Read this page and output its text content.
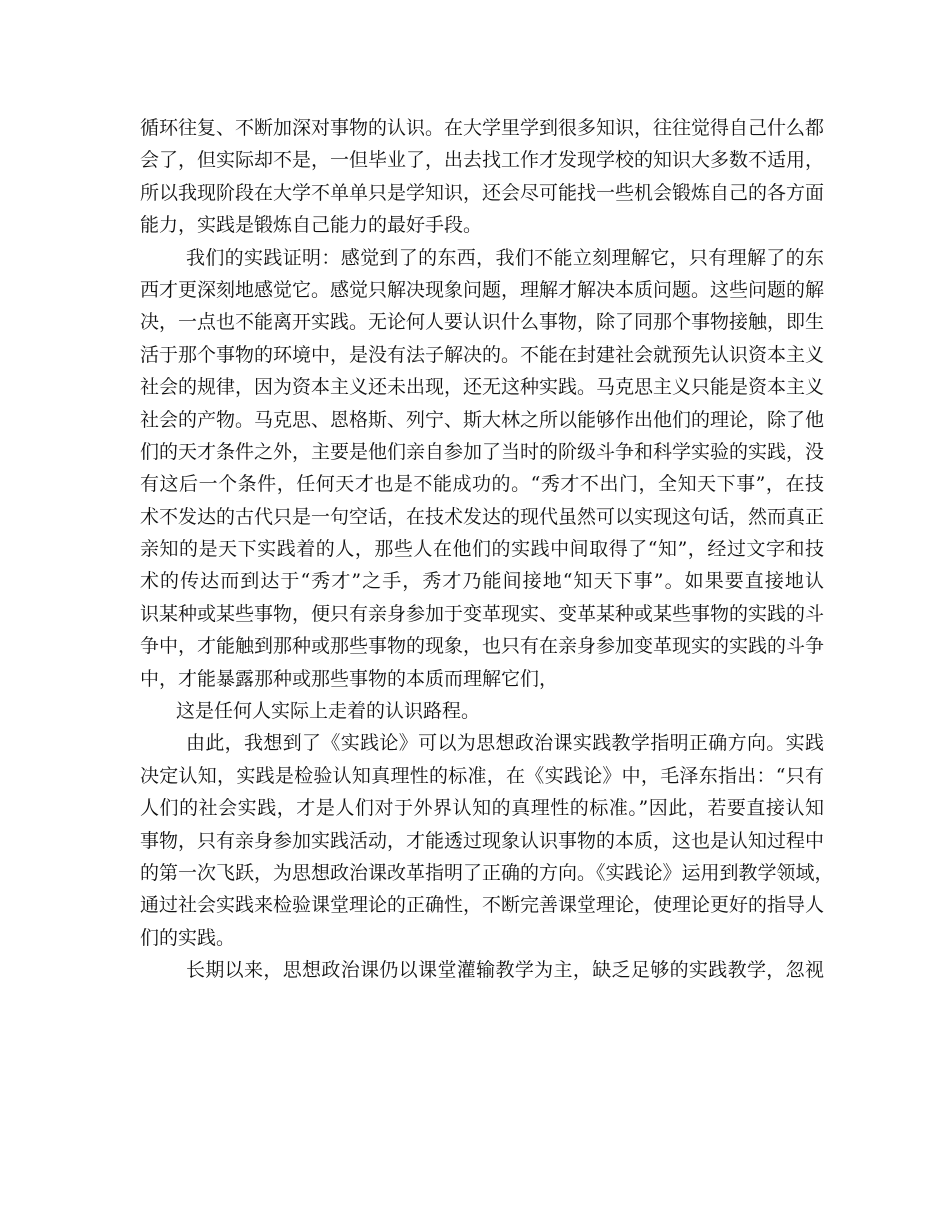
循环往复、不断加深对事物的认识。在大学里学到很多知识，往往觉得自己什么都
会了，但实际却不是，一但毕业了，出去找工作才发现学校的知识大多数不适用，
所以我现阶段在大学不单单只是学知识，还会尽可能找一些机会锻炼自己的各方面
能力，实践是锻炼自己能力的最好手段。
我们的实践证明：感觉到了的东西，我们不能立刻理解它，只有理解了的东
西才更深刻地感觉它。感觉只解决现象问题，理解才解决本质问题。这些问题的解
决，一点也不能离开实践。无论何人要认识什么事物，除了同那个事物接触，即生
活于那个事物的环境中，是没有法子解决的。不能在封建社会就预先认识资本主义
社会的规律，因为资本主义还未出现，还无这种实践。马克思主义只能是资本主义
社会的产物。马克思、恩格斯、列宁、斯大林之所以能够作出他们的理论，除了他
们的天才条件之外，主要是他们亲自参加了当时的阶级斗争和科学实验的实践，没
有这后一个条件，任何天才也是不能成功的。“秀才不出门，全知天下事”，在技
术不发达的古代只是一句空话，在技术发达的现代虽然可以实现这句话，然而真正
亲知的是天下实践着的人，那些人在他们的实践中间取得了“知”，经过文字和技
术的传达而到达于“秀才”之手，秀才乃能间接地“知天下事”。如果要直接地认
识某种或某些事物，便只有亲身参加于变革现实、变革某种或某些事物的实践的斗
争中，才能触到那种或那些事物的现象，也只有在亲身参加变革现实的实践的斗争
中，才能暴露那种或那些事物的本质而理解它们，
这是任何人实际上走着的认识路程。
由此，我想到了《实践论》可以为思想政治课实践教学指明正确方向。实践
决定认知，实践是检验认知真理性的标准，在《实践论》中，毛泽东指出：“只有
人们的社会实践，才是人们对于外界认知的真理性的标准。”因此，若要直接认知
事物，只有亲身参加实践活动，才能透过现象认识事物的本质，这也是认知过程中
的第一次飞跃，为思想政治课改革指明了正确的方向。《实践论》运用到教学领域，
通过社会实践来检验课堂理论的正确性，不断完善课堂理论，使理论更好的指导人
们的实践。
长期以来，思想政治课仍以课堂灌输教学为主，缺乏足够的实践教学，忽视
